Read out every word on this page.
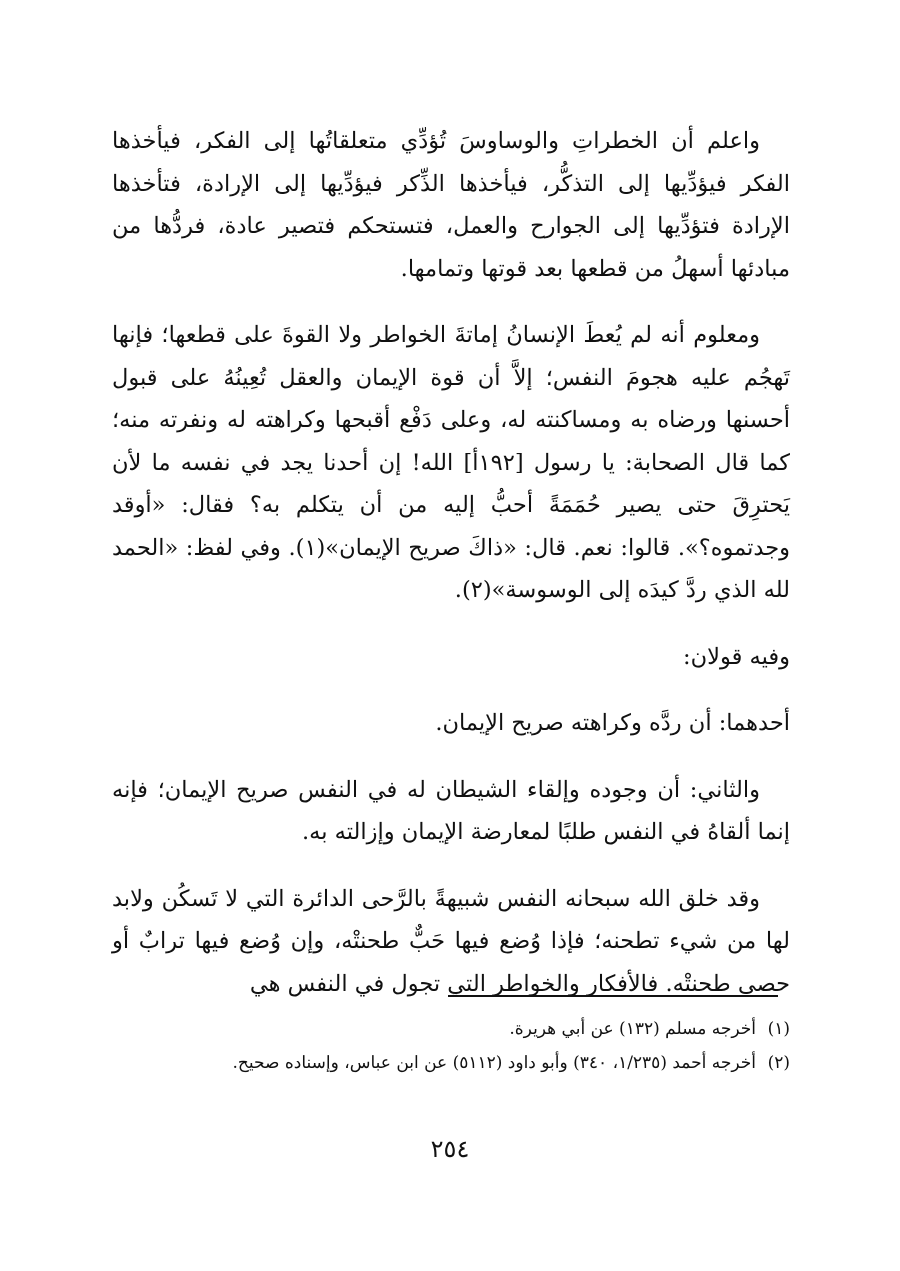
واعلم أن الخطراتِ والوساوسَ تُؤدِّي متعلقاتُها إلى الفكر، فيأخذها الفكر فيؤدِّيها إلى التذكُّر، فيأخذها الذِّكر فيؤدِّيها إلى الإرادة، فتأخذها الإرادة فتؤدِّيها إلى الجوارح والعمل، فتستحكم فتصير عادة، فردُّها من مبادئها أسهلُ من قطعها بعد قوتها وتمامها.

ومعلوم أنه لم يُعطَ الإنسانُ إماتةَ الخواطر ولا القوةَ على قطعها؛ فإنها تَهجُم عليه هجومَ النفس؛ إلاَّ أن قوة الإيمان والعقل تُعِينُهُ على قبول أحسنها ورضاه به ومساكنته له، وعلى دَفْع أقبحها وكراهته له ونفرته منه؛ كما قال الصحابة: يا رسول [١٩٢أ] الله! إن أحدنا يجد في نفسه ما لأن يَحترِقَ حتى يصير حُمَمَةً أحبُّ إليه من أن يتكلم به؟ فقال: «أوقد وجدتموه؟». قالوا: نعم. قال: «ذاكَ صريح الإيمان»(١). وفي لفظ: «الحمد لله الذي ردَّ كيدَه إلى الوسوسة»(٢).

وفيه قولان:

أحدهما: أن ردَّه وكراهته صريح الإيمان.

والثاني: أن وجوده وإلقاء الشيطان له في النفس صريح الإيمان؛ فإنه إنما ألقاهُ في النفس طلبًا لمعارضة الإيمان وإزالته به.

وقد خلق الله سبحانه النفس شبيهةً بالرَّحى الدائرة التي لا تَسكُن ولابد لها من شيء تطحنه؛ فإذا وُضع فيها حَبٌّ طحنتْه، وإن وُضع فيها ترابٌ أو حصى طحنتْه. فالأفكار والخواطر التي تجول في النفس هي

(١)
أخرجه مسلم (١٣٢) عن أبي هريرة.
(٢)
أخرجه أحمد (١/٢٣٥، ٣٤٠) وأبو داود (٥١١٢) عن ابن عباس، وإسناده صحيح.
٢٥٤
